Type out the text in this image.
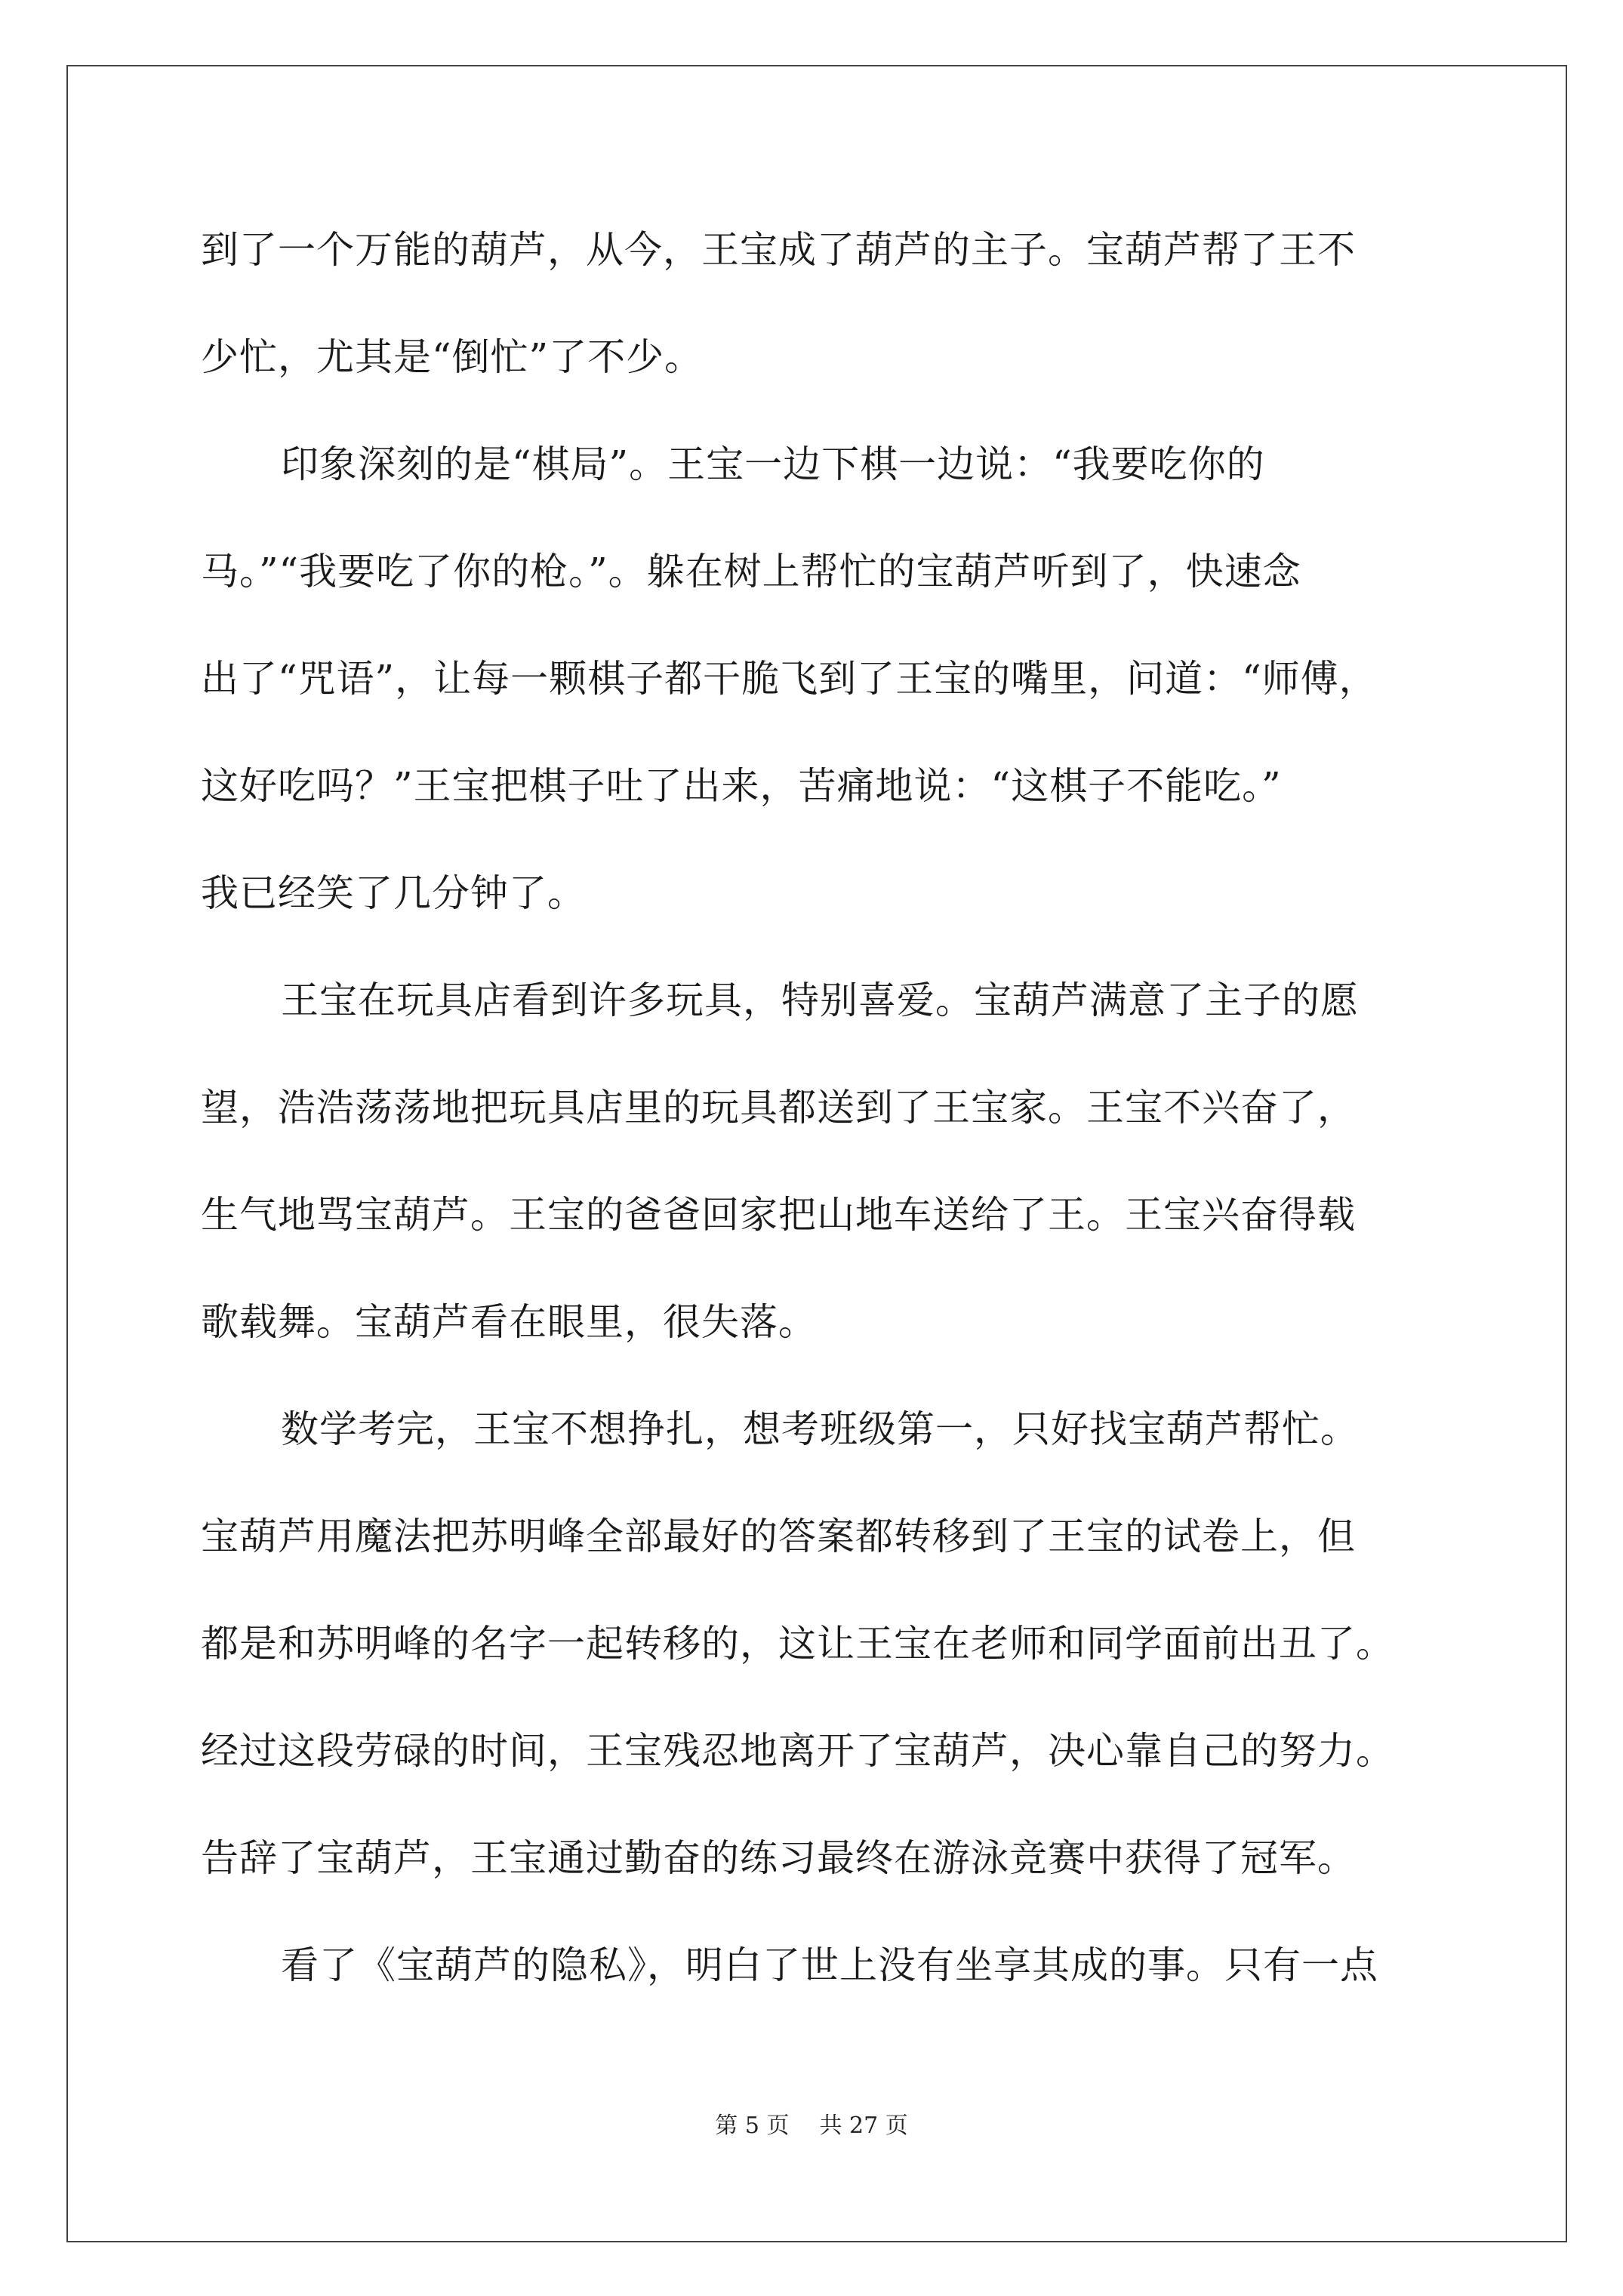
到了一个万能的葫芦，从今，王宝成了葫芦的主子。宝葫芦帮了王不
少忙，尤其是“倒忙”了不少。
印象深刻的是“棋局”。王宝一边下棋一边说：“我要吃你的
马。”“我要吃了你的枪。”。躲在树上帮忙的宝葫芦听到了，快速念
出了“咒语”，让每一颗棋子都干脆飞到了王宝的嘴里，问道：“师傅，
这好吃吗？”王宝把棋子吐了出来，苦痛地说：“这棋子不能吃。”
我已经笑了几分钟了。
王宝在玩具店看到许多玩具，特别喜爱。宝葫芦满意了主子的愿
望，浩浩荡荡地把玩具店里的玩具都送到了王宝家。王宝不兴奋了，
生气地骂宝葫芦。王宝的爸爸回家把山地车送给了王。王宝兴奋得载
歌载舞。宝葫芦看在眼里，很失落。
数学考完，王宝不想挣扎，想考班级第一，只好找宝葫芦帮忙。
宝葫芦用魔法把苏明峰全部最好的答案都转移到了王宝的试卷上，但
都是和苏明峰的名字一起转移的，这让王宝在老师和同学面前出丑了。
经过这段劳碌的时间，王宝残忍地离开了宝葫芦，决心靠自己的努力。
告辞了宝葫芦，王宝通过勤奋的练习最终在游泳竞赛中获得了冠军。
看了《宝葫芦的隐私》，明白了世上没有坐享其成的事。只有一点
第 5 页 共 27 页
